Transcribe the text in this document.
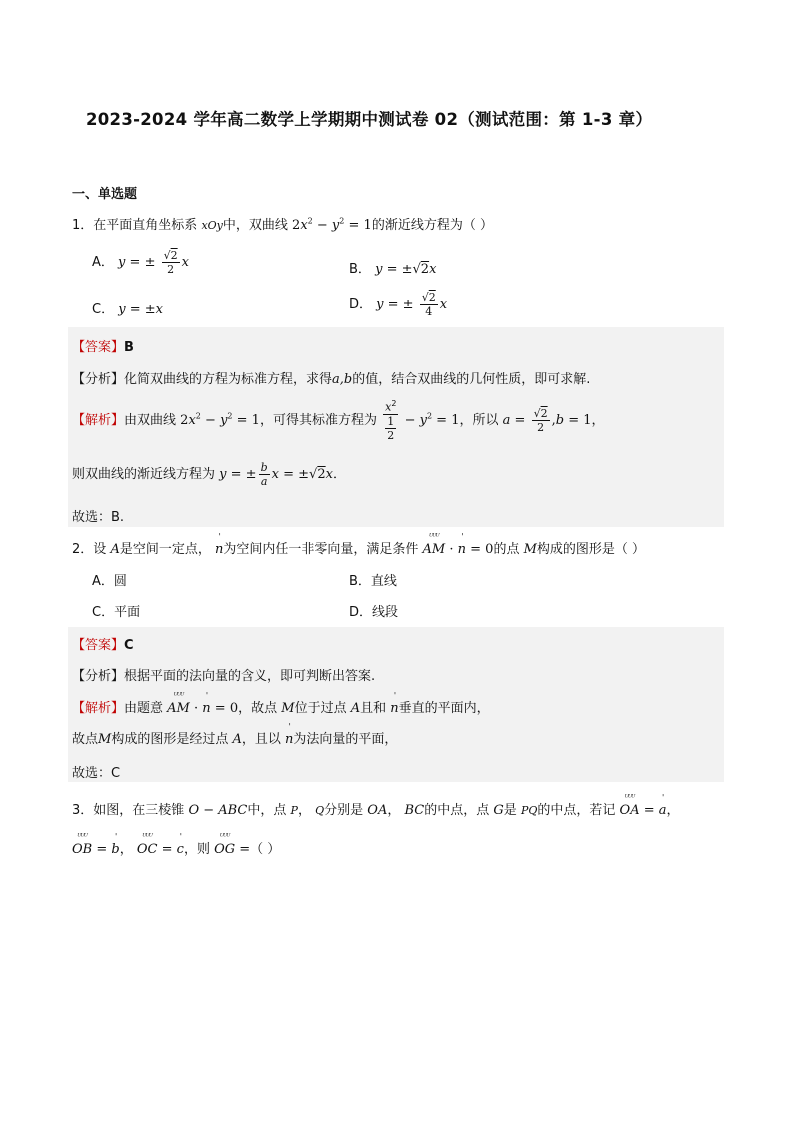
2023-2024 学年高二数学上学期期中测试卷 02（测试范围：第 1-3 章）
一、单选题
1．在平面直角坐标系 xOy中，双曲线 $2x^2 - y^2 = 1$的渐近线方程为（ ）
A． y = ± $\frac{√2}{2}$ x	B． y = ±√2x
C． y = ±x	D． y = ± $\frac{√2}{4}$ x
【答案】B
【分析】化简双曲线的方程为标准方程，求得a,b的值，结合双曲线的几何性质，即可求解.
【解析】由双曲线 $2x^2 - y^2 = 1$，可得其标准方程为 $\frac{x^2}{\frac{1}{2}} - y^2 = 1$，所以 $a = \frac{√2}{2} ,b = 1$，
则双曲线的渐近线方程为 y = ± $\frac{b}{a}$ x = ±√2x．
故选：B.
2．设 A是空间一定点，
'
n为空间内任一非零向量，满足条件
ᵁᵁᵁ
AM ·
'
n = 0的点 M构成的图形是（ ）
A．圆	B．直线
C．平面	D．线段
【答案】C
【分析】根据平面的法向量的含义，即可判断出答案.
【解析】由题意
ᵁᵁᵁ
AM ·
'
n = 0，故点 M位于过点 A且和
'
n垂直的平面内，
故点M构成的图形是经过点 A，且以
'
n为法向量的平面，
故选：C
3．如图，在三棱锥 O − ABC中，点 P， Q分别是 OA， BC的中点，点 G是 PQ的中点，若记
ᵁᵁᵁ
OA =
'
a，
ᵁᵁᵁ
OB =
'
b，
ᵁᵁᵁ
OC =
'
c，则
ᵁᵁᵁ
OG =（ ）
